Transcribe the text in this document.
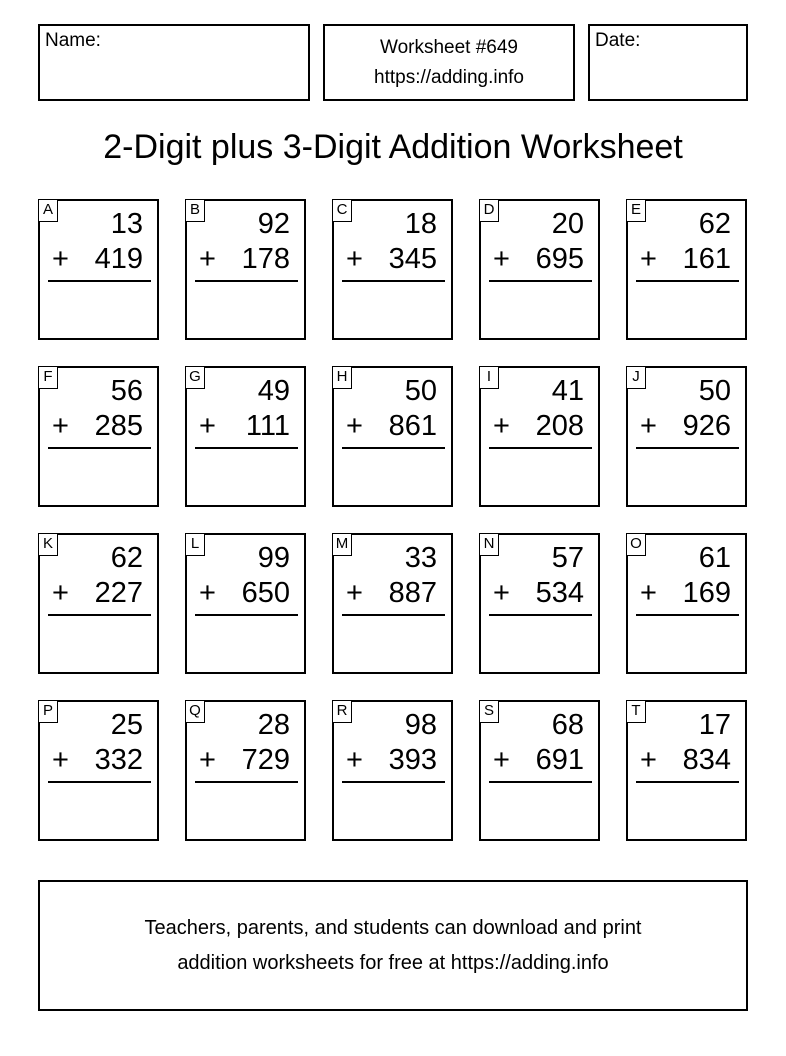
Name:	Worksheet #649
https://adding.info
Date:
2-Digit plus 3-Digit Addition Worksheet
A 13
+ 419
B 92
+ 178
C 18
+ 345
D 20
+ 695
E 62
+ 161
F 56
+ 285
G 49
+ 111
H 50
+ 861
I 41
+ 208
J 50
+ 926
K 62
+ 227
L 99
+ 650
M 33
+ 887
N 57
+ 534
O 61
+ 169
P 25
+ 332
Q 28
+ 729
R 98
+ 393
S 68
+ 691
T 17
+ 834
Teachers, parents, and students can download and print
addition worksheets for free at https://adding.info
